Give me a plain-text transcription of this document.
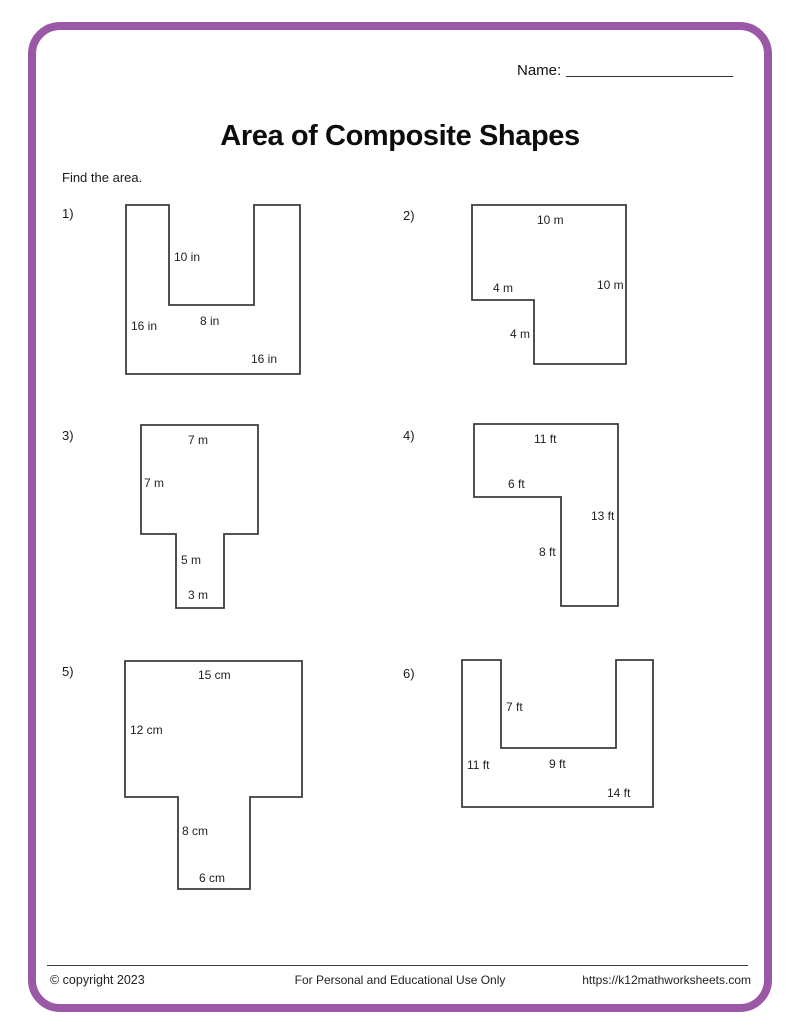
Name:
Area of Composite Shapes
Find the area.
1)	2)
3)	4)
5)	6)
10 in
16 in	8 in
16 in
10 m
4 m	10 m
4 m
7 m
7 m
5 m
3 m
11 ft
6 ft
13 ft
8 ft
15 cm
12 cm
8 cm
6 cm
7 ft
11 ft	9 ft
14 ft
© copyright 2023	For Personal and Educational Use Only	https://k12mathworksheets.com
